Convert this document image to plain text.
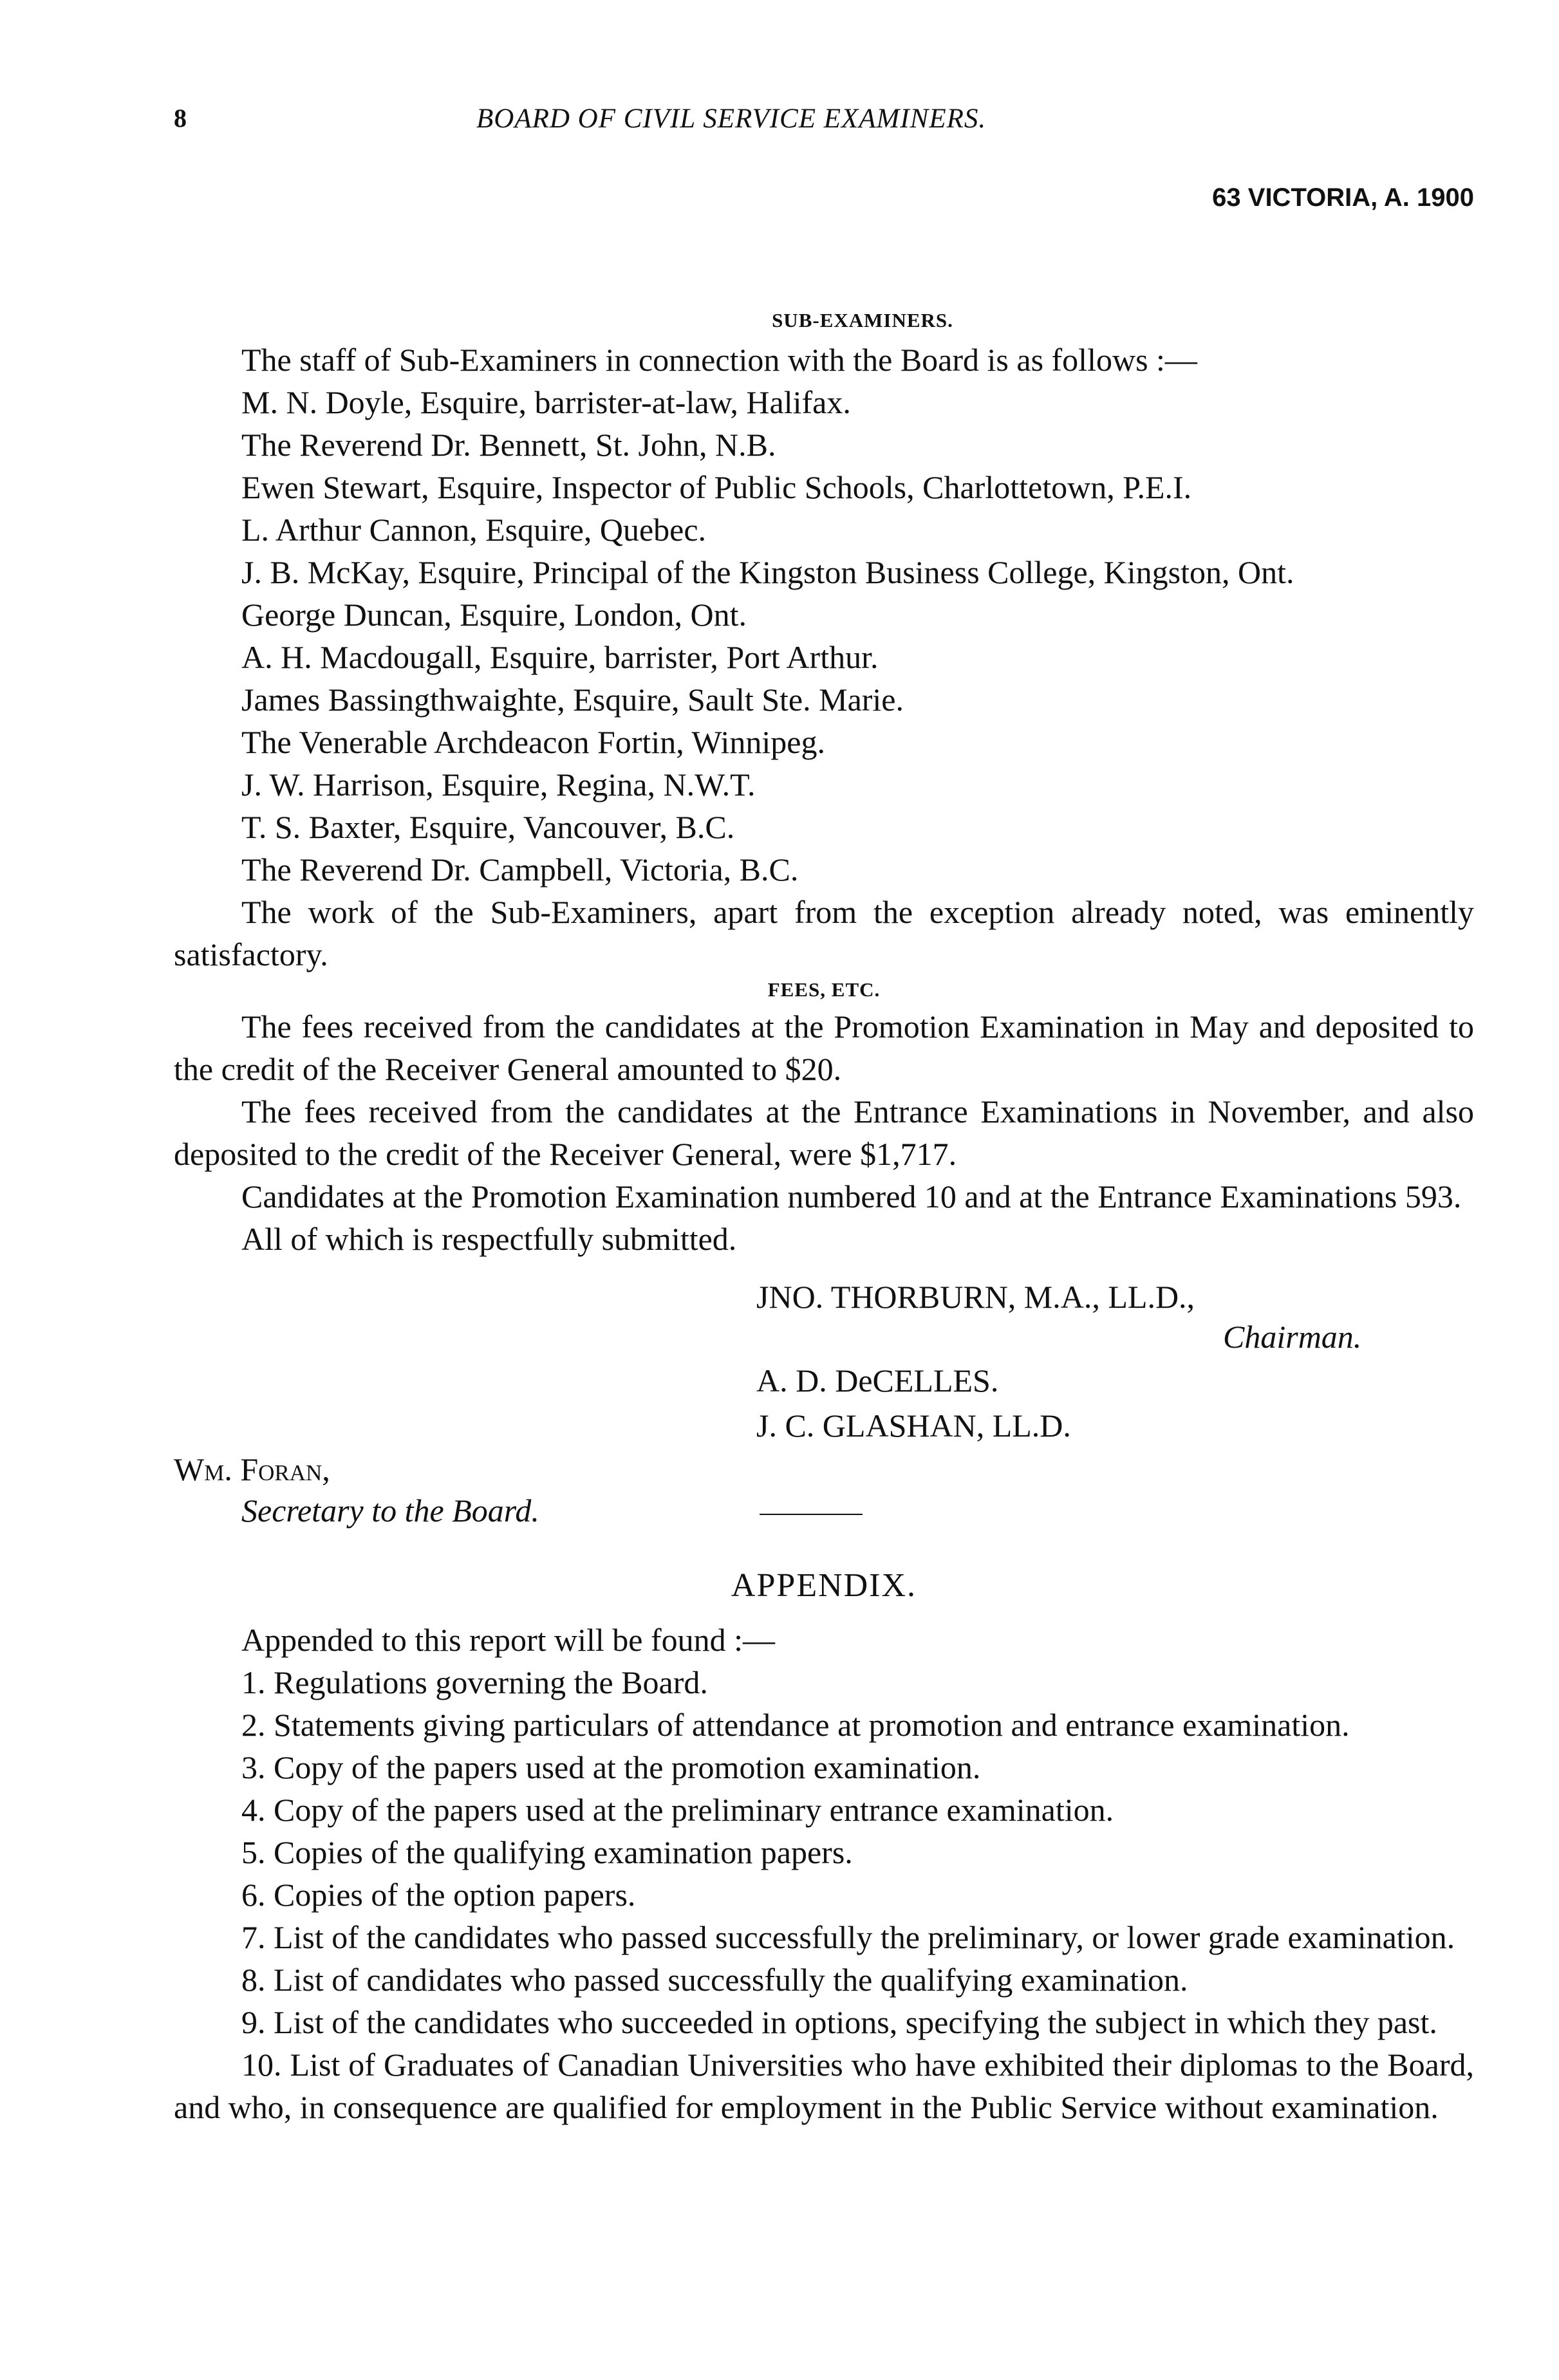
8	BOARD OF CIVIL SERVICE EXAMINERS.
63 VICTORIA, A. 1900
SUB-EXAMINERS.

The staff of Sub-Examiners in connection with the Board is as follows :—

M. N. Doyle, Esquire, barrister-at-law, Halifax.

The Reverend Dr. Bennett, St. John, N.B.

Ewen Stewart, Esquire, Inspector of Public Schools, Charlottetown, P.E.I.

L. Arthur Cannon, Esquire, Quebec.

J. B. McKay, Esquire, Principal of the Kingston Business College, Kingston, Ont.

George Duncan, Esquire, London, Ont.

A. H. Macdougall, Esquire, barrister, Port Arthur.

James Bassingthwaighte, Esquire, Sault Ste. Marie.

The Venerable Archdeacon Fortin, Winnipeg.

J. W. Harrison, Esquire, Regina, N.W.T.

T. S. Baxter, Esquire, Vancouver, B.C.

The Reverend Dr. Campbell, Victoria, B.C.

The work of the Sub-Examiners, apart from the exception already noted, was eminently satisfactory.

FEES, ETC.

The fees received from the candidates at the Promotion Examination in May and deposited to the credit of the Receiver General amounted to $20.

The fees received from the candidates at the Entrance Examinations in November, and also deposited to the credit of the Receiver General, were $1,717.

Candidates at the Promotion Examination numbered 10 and at the Entrance Examinations 593.

All of which is respectfully submitted.

JNO. THORBURN, M.A., LL.D.,
Chairman.
A. D. DeCELLES.
J. C. GLASHAN, LL.D.
Wm. Foran,
Secretary to the Board.
APPENDIX.

Appended to this report will be found :—

1. Regulations governing the Board.

2. Statements giving particulars of attendance at promotion and entrance examination.

3. Copy of the papers used at the promotion examination.

4. Copy of the papers used at the preliminary entrance examination.

5. Copies of the qualifying examination papers.

6. Copies of the option papers.

7. List of the candidates who passed successfully the preliminary, or lower grade examination.

8. List of candidates who passed successfully the qualifying examination.

9. List of the candidates who succeeded in options, specifying the subject in which they past.

10. List of Graduates of Canadian Universities who have exhibited their diplomas to the Board, and who, in consequence are qualified for employment in the Public Service without examination.
